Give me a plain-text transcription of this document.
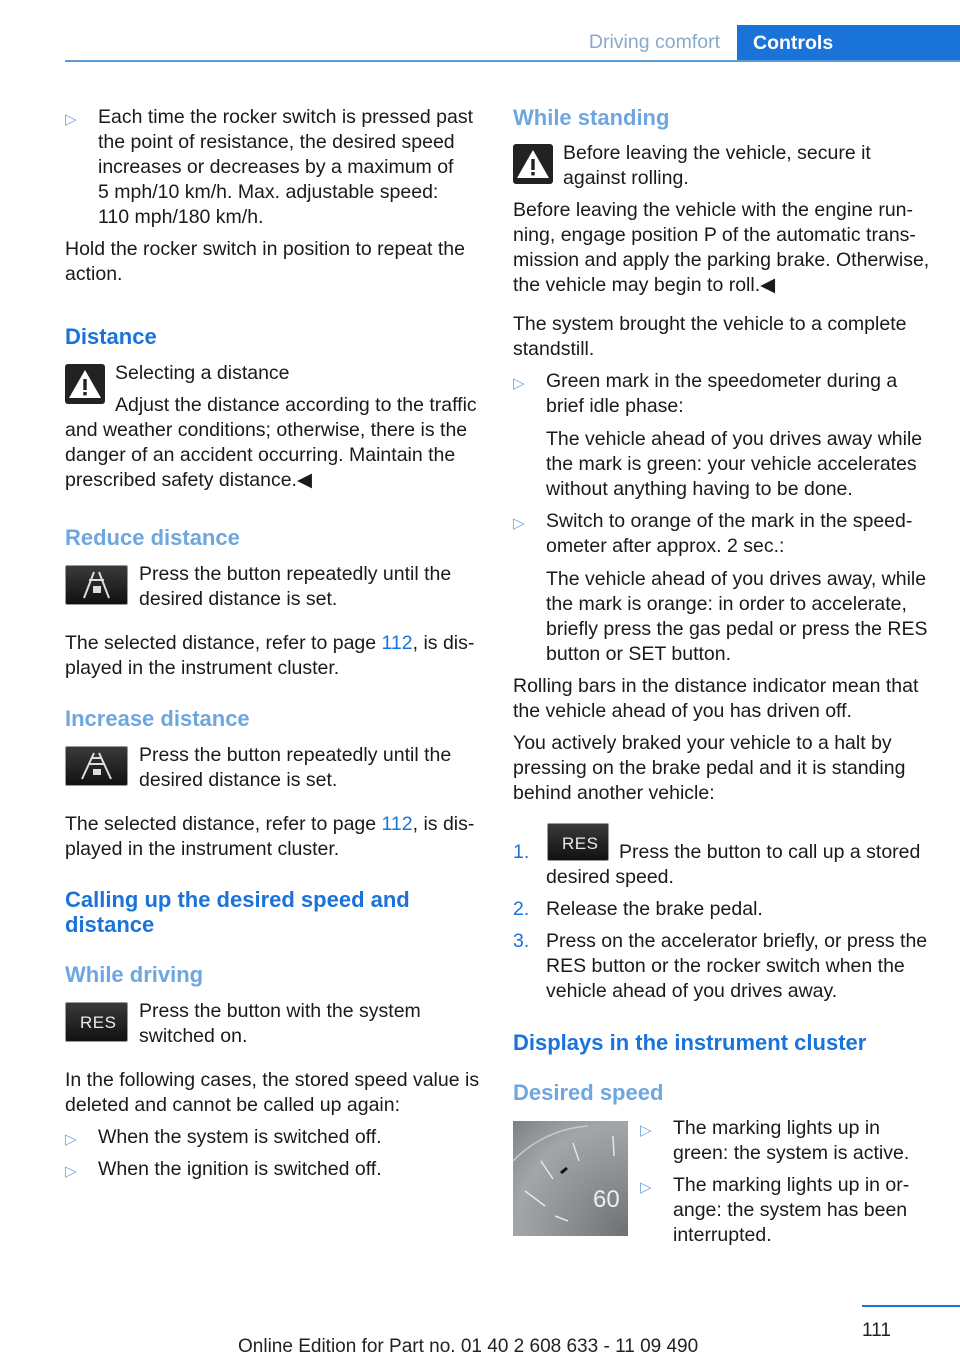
Driving comfort	Controls
▷ Each time the rocker switch is pressed past

the point of resistance, the desired speed

increases or decreases by a maximum of

5 mph/10 km/h. Max. adjustable speed:

110 mph/180 km/h.

Hold the rocker switch in position to repeat the

action.

Distance

Selecting a distance

Adjust the distance according to the traffic

and weather conditions; otherwise, there is the

danger of an accident occurring. Maintain the

prescribed safety distance.◀

Reduce distance

Press the button repeatedly until the

desired distance is set.

The selected distance, refer to page 112, is dis-

played in the instrument cluster.

Increase distance

Press the button repeatedly until the

desired distance is set.

The selected distance, refer to page 112, is dis-

played in the instrument cluster.

Calling up the desired speed and

distance

While driving

RES

Press the button with the system

switched on.

In the following cases, the stored speed value is

deleted and cannot be called up again:

▷ When the system is switched off.

▷ When the ignition is switched off.

While standing

Before leaving the vehicle, secure it

against rolling.

Before leaving the vehicle with the engine run-

ning, engage position P of the automatic trans-

mission and apply the parking brake. Otherwise,

the vehicle may begin to roll.◀

The system brought the vehicle to a complete

standstill.

▷ Green mark in the speedometer during a

brief idle phase:

The vehicle ahead of you drives away while

the mark is green: your vehicle accelerates

without anything having to be done.

▷ Switch to orange of the mark in the speed-

ometer after approx. 2 sec.:

The vehicle ahead of you drives away, while

the mark is orange: in order to accelerate,

briefly press the gas pedal or press the RES

button or SET button.

Rolling bars in the distance indicator mean that

the vehicle ahead of you has driven off.

You actively braked your vehicle to a halt by

pressing on the brake pedal and it is standing

behind another vehicle:

1. RES Press the button to call up a stored

desired speed.

2. Release the brake pedal.

3. Press on the accelerator briefly, or press the

RES button or the rocker switch when the

vehicle ahead of you drives away.

Displays in the instrument cluster

Desired speed

60
▷ The marking lights up in

green: the system is active.

▷ The marking lights up in or-

ange: the system has been

interrupted.

111
Online Edition for Part no. 01 40 2 608 633 - 11 09 490
